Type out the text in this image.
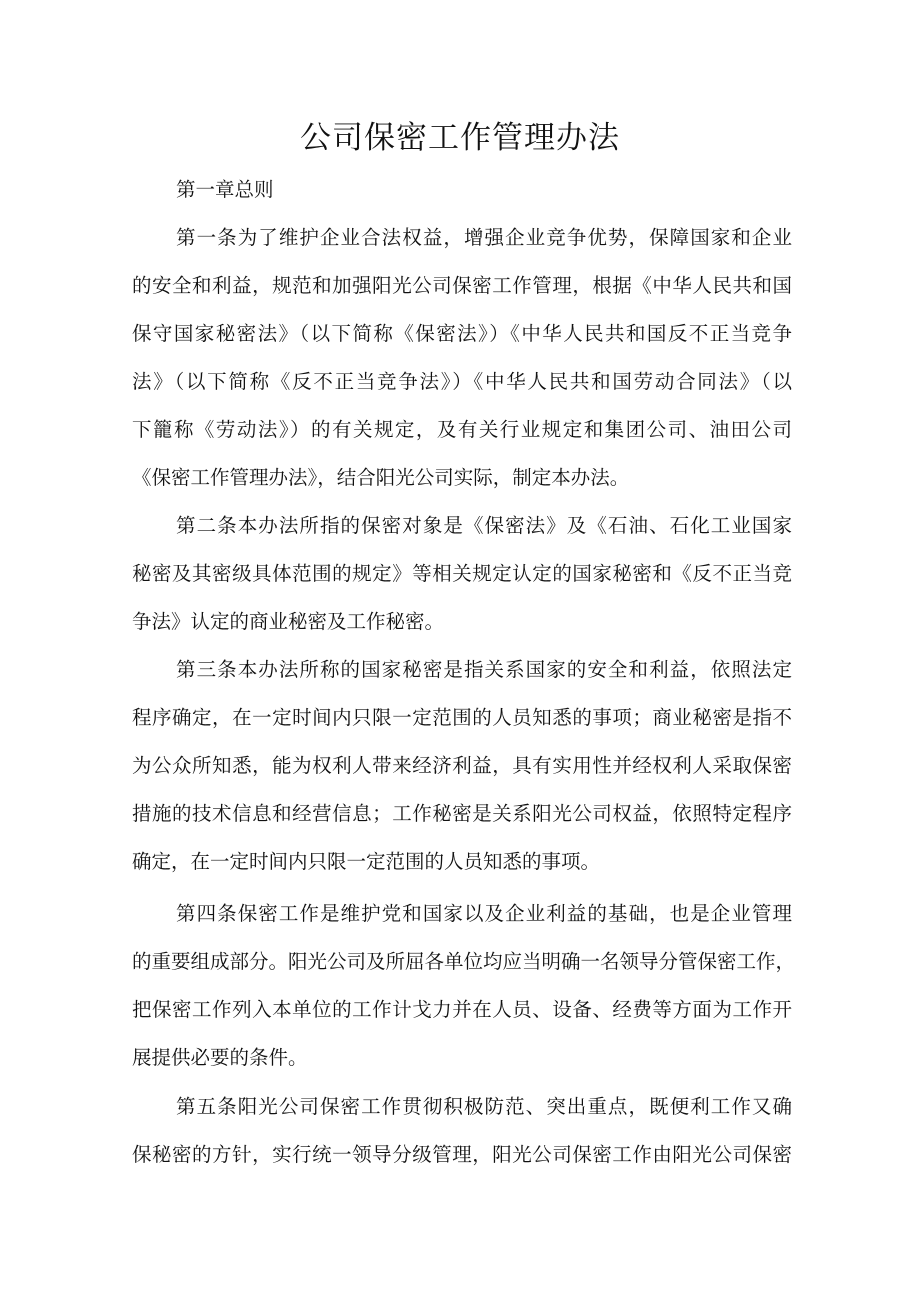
公司保密工作管理办法
第一章总则
第一条为了维护企业合法权益，增强企业竞争优势，保障国家和企业
的安全和利益，规范和加强阳光公司保密工作管理，根据《中华人民共和国
保守国家秘密法》（以下简称《保密法》）《中华人民共和国反不正当竞争
法》（以下简称《反不正当竞争法》）《中华人民共和国劳动合同法》（以
下籠称《劳动法》）的有关规定，及有关行业规定和集团公司、油田公司
《保密工作管理办法》，结合阳光公司实际，制定本办法。
第二条本办法所指的保密对象是《保密法》及《石油、石化工业国家
秘密及其密级具体范围的规定》等相关规定认定的国家秘密和《反不正当竞
争法》认定的商业秘密及工作秘密。
第三条本办法所称的国家秘密是指关系国家的安全和利益，依照法定
程序确定，在一定时间内只限一定范围的人员知悉的事项；商业秘密是指不
为公众所知悉，能为权利人带来经济利益，具有实用性并经权利人采取保密
措施的技术信息和经营信息；工作秘密是关系阳光公司权益，依照特定程序
确定，在一定时间内只限一定范围的人员知悉的事项。
第四条保密工作是维护党和国家以及企业利益的基础，也是企业管理
的重要组成部分。阳光公司及所屈各单位均应当明确一名领导分管保密工作，
把保密工作列入本单位的工作计戈力并在人员、设备、经费等方面为工作开
展提供必要的条件。
第五条阳光公司保密工作贯彻积极防范、突出重点，既便利工作又确
保秘密的方针，实行统一领导分级管理，阳光公司保密工作由阳光公司保密
